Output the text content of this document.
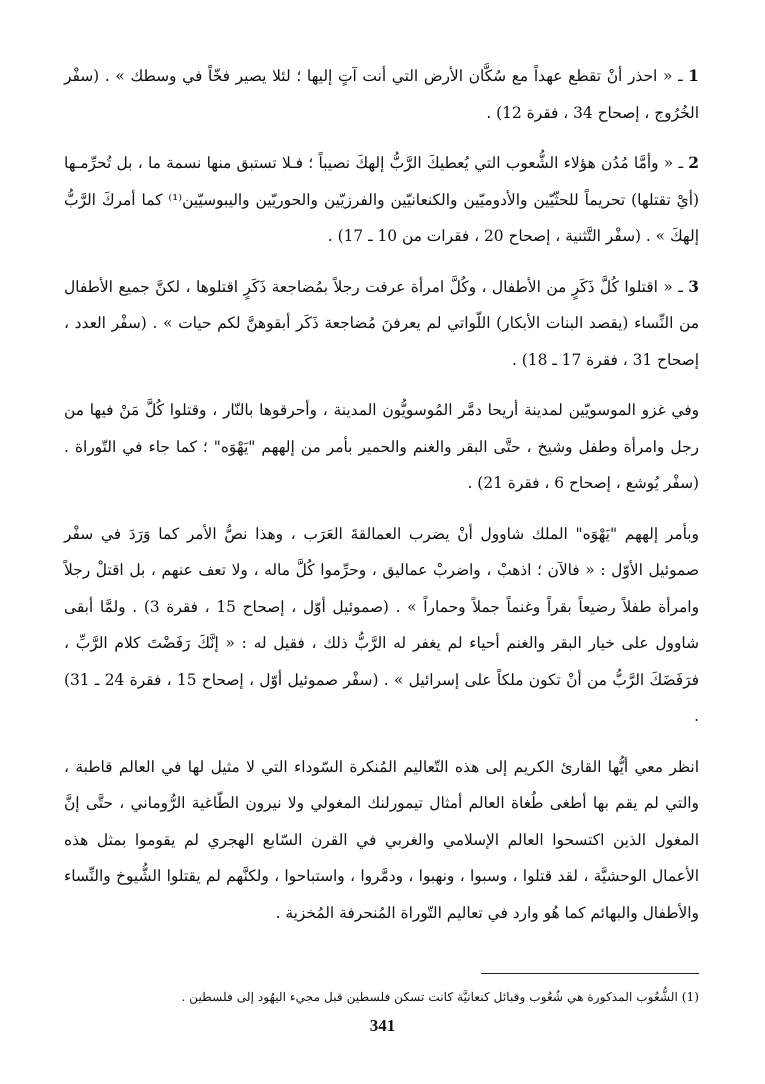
1 ـ « احذر أنْ تقطع عهداً مع سُكَّان الأرض التي أنت آتٍ إليها ؛ لئلا يصير فخّاً في وسطك » . (سفْر الخُرُوج ، إصحاح 34 ، فقرة 12) .

2 ـ « وأمَّا مُدُن هؤلاء الشُّعوب التي يُعطيكَ الرَّبُّ إلهكَ نصيباً ؛ فـلا تستبق منها نسمة ما ، بل تُحرِّمـها (أيْ تقتلها) تحريماً للحثّيّين والأدوميّين والكنعانيّين والفرزيّين والحوريّين واليبوسيّين⁽¹⁾ كما أمركَ الرَّبُّ إلهكَ » . (سفْر التَّثنية ، إصحاح 20 ، فقرات من 10 ـ 17) .

3 ـ « اقتلوا كُلَّ ذَكَرٍ من الأطفال ، وكُلَّ امرأة عرفت رجلاً بمُضاجعة ذَكَرٍ اقتلوها ، لكنَّ جميع الأطفال من النِّساء (يقصد البنات الأبكار) اللّواتي لم يعرفنَ مُضاجعة ذَكَر أبقوهنَّ لكم حيات » . (سفْر العدد ، إصحاح 31 ، فقرة 17 ـ 18) .

وفي غزو الموسويّين لمدينة أريحا دمَّر المُوسويُّون المدينة ، وأحرقوها بالنّار ، وقتلوا كُلَّ مَنْ فيها من رجل وامرأة وطفل وشيخ ، حتَّى البقر والغنم والحمير بأمر من إلههم "يَهْوَه" ؛ كما جاء في التّوراة . (سفْر يُوشع ، إصحاح 6 ، فقرة 21) .

وبأمر إلههم "يَهْوَه" الملك شاوول أنْ يضرب العمالقةَ العَرَب ، وهذا نصُّ الأمر كما وَرَدَ في سفْر صموئيل الأوّل : « فالآن ؛ اذهبْ ، واضربْ عماليق ، وحرِّموا كُلَّ ماله ، ولا تعف عنهم ، بل اقتلْ رجلاً وامرأة طفلاً رضيعاً بقراً وغنماً جملاً وحماراً » . (صموئيل أوّل ، إصحاح 15 ، فقرة 3) . ولمَّا أبقى شاوول على خيار البقر والغنم أحياء لم يغفر له الرَّبُّ ذلك ، فقيل له : « إنَّكَ رَفَضْتَ كلام الرَّبِّ ، فرَفَضَكَ الرَّبُّ من أنْ تكون ملكاً على إسرائيل » . (سفْر صموئيل أوّل ، إصحاح 15 ، فقرة 24 ـ 31) .

انظر معي أيُّها القارئ الكريم إلى هذه التّعاليم المُنكرة السّوداء التي لا مثيل لها في العالم قاطبة ، والتي لم يقم بها أطغى طُغاة العالم أمثال تيمورلنك المغولي ولا نيرون الطّاغية الرُّوماني ، حتَّى إنَّ المغول الذين اكتسحوا العالم الإسلامي والغربي في القرن السّابع الهجري لم يقوموا بمثل هذه الأعمال الوحشيَّة ، لقد قتلوا ، وسبوا ، ونهبوا ، ودمَّروا ، واستباحوا ، ولكنَّهم لم يقتلوا الشُّيوخ والنِّساء والأطفال والبهائم كما هُو وارد في تعاليم التّوراة المُنحرفة المُخزية .

(1) الشُّعُوب المذكورة هي شُعُوب وقبائل كنعانيَّة كانت تسكن فلسطين قبل مجيء اليهُود إلى فلسطين .

341
